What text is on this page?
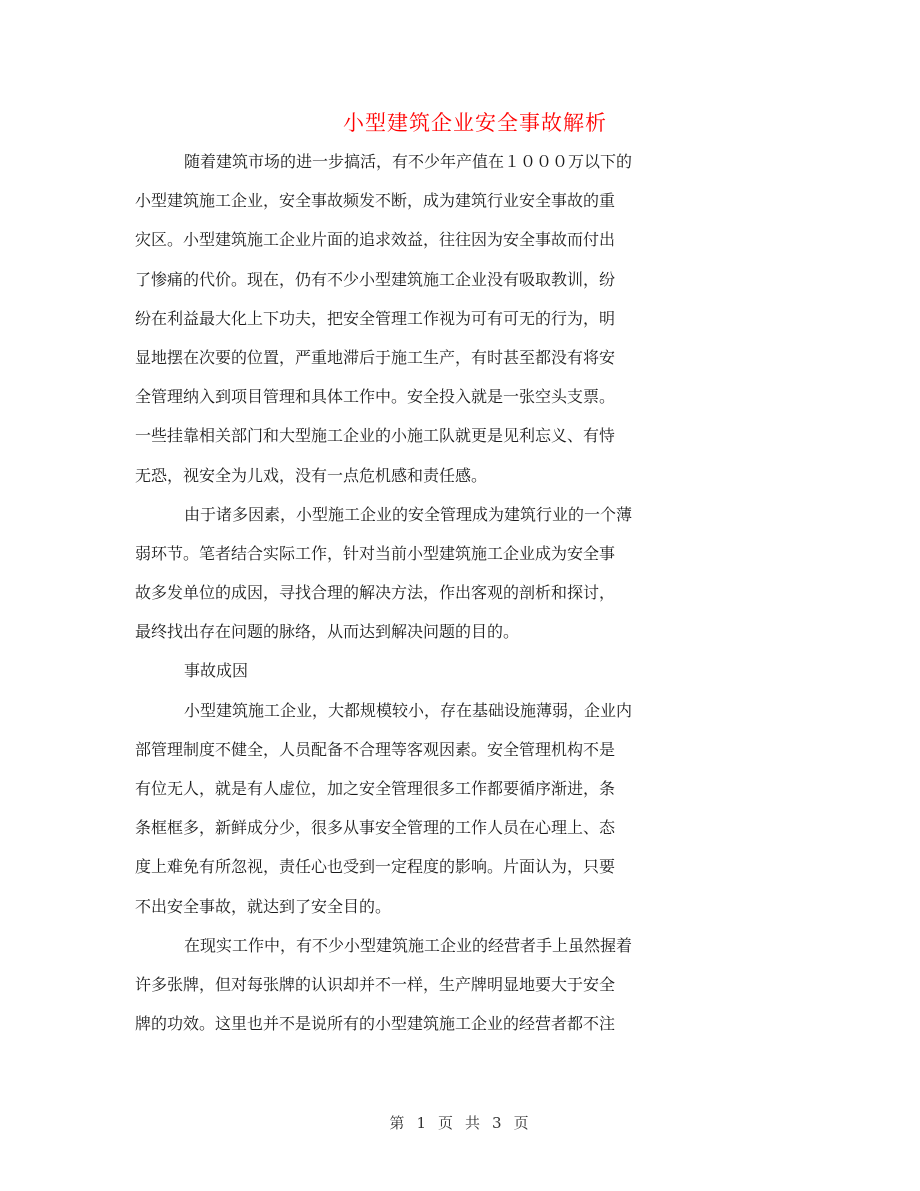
小型建筑企业安全事故解析
随着建筑市场的进一步搞活，有不少年产值在１０００万以下的
小型建筑施工企业，安全事故频发不断，成为建筑行业安全事故的重
灾区。小型建筑施工企业片面的追求效益，往往因为安全事故而付出
了惨痛的代价。现在，仍有不少小型建筑施工企业没有吸取教训，纷
纷在利益最大化上下功夫，把安全管理工作视为可有可无的行为，明
显地摆在次要的位置，严重地滞后于施工生产，有时甚至都没有将安
全管理纳入到项目管理和具体工作中。安全投入就是一张空头支票。
一些挂靠相关部门和大型施工企业的小施工队就更是见利忘义、有恃
无恐，视安全为儿戏，没有一点危机感和责任感。
由于诸多因素，小型施工企业的安全管理成为建筑行业的一个薄
弱环节。笔者结合实际工作，针对当前小型建筑施工企业成为安全事
故多发单位的成因，寻找合理的解决方法，作出客观的剖析和探讨，
最终找出存在问题的脉络，从而达到解决问题的目的。
事故成因
小型建筑施工企业，大都规模较小，存在基础设施薄弱，企业内
部管理制度不健全，人员配备不合理等客观因素。安全管理机构不是
有位无人，就是有人虚位，加之安全管理很多工作都要循序渐进，条
条框框多，新鲜成分少，很多从事安全管理的工作人员在心理上、态
度上难免有所忽视，责任心也受到一定程度的影响。片面认为，只要
不出安全事故，就达到了安全目的。
在现实工作中，有不少小型建筑施工企业的经营者手上虽然握着
许多张牌，但对每张牌的认识却并不一样，生产牌明显地要大于安全
牌的功效。这里也并不是说所有的小型建筑施工企业的经营者都不注
第 1 页 共 3 页
